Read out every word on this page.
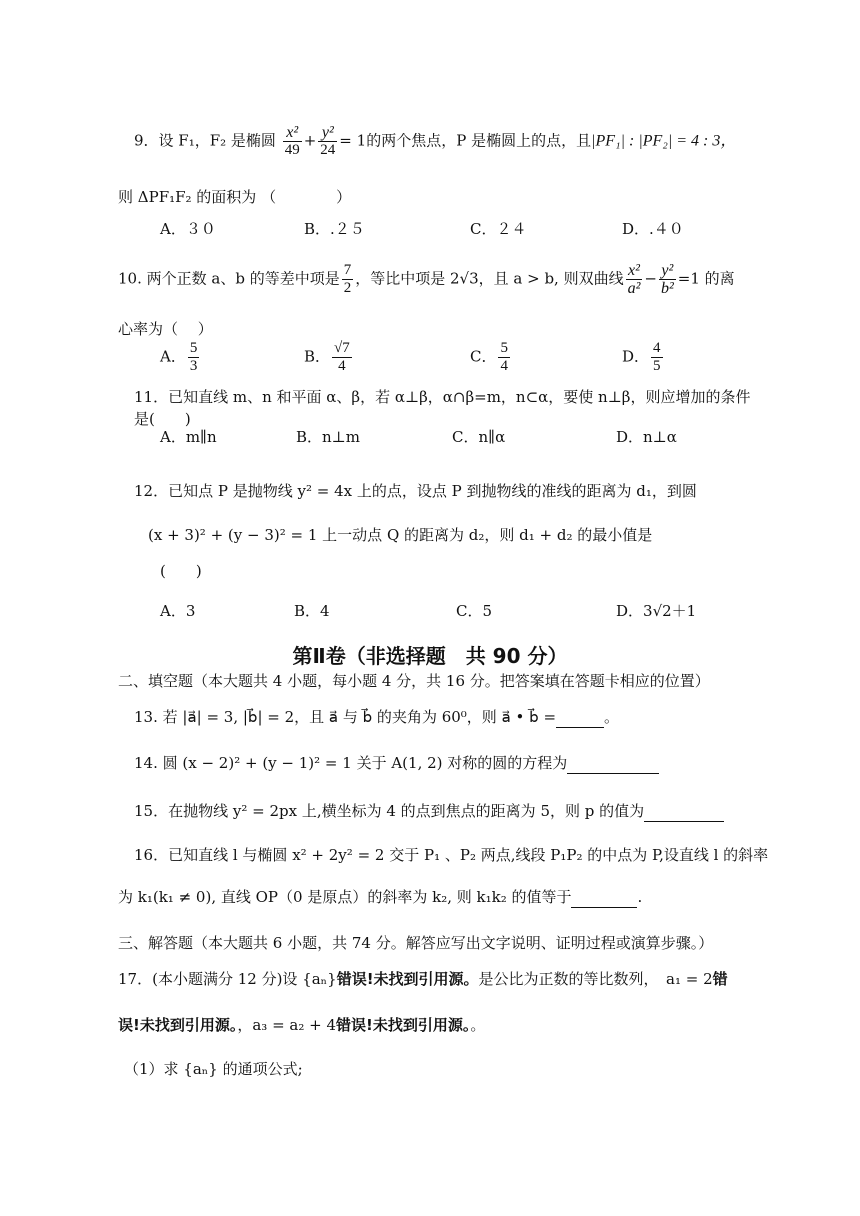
9．设 F₁，F₂ 是椭圆 $\frac{\text{x²}}{49} + \frac{\text{y²}}{24} = 1$的两个焦点，P 是椭圆上的点，且|PF₁| : |PF₂| = 4 : 3，
则 ΔPF₁F₂ 的面积为 （　　　　）
A．３０	B．.２５	C．２４	D．.４０
10. 两个正数 a、b 的等差中项是 $\frac{7}{2}$ ，等比中项是 2√3，且 a > b, 则双曲线 $\frac{\text{x²}}{\text{a²}} - \frac{\text{y²}}{\text{b²}} =1$ 的离
心率为（　 ）
A． $\frac{5}{3}$	B． $\frac{√7}{4}$	C． $\frac{5}{4}$	D． $\frac{4}{5}$
11．已知直线 m、n 和平面 α、β，若 α⊥β，α∩β=m，n⊂α，要使 n⊥β，则应增加的条件
是(　　)
A．m∥n	B．n⊥m	C．n∥α	D．n⊥α
12．已知点 P 是抛物线 y² = 4x 上的点，设点 P 到抛物线的准线的距离为 d₁，到圆
(x + 3)² + (y − 3)² = 1 上一动点 Q 的距离为 d₂，则 d₁ + d₂ 的最小值是
(　　)
A．3	B．4	C．5	D．3√2＋1
第Ⅱ卷（非选择题　共 90 分）
二、填空题（本大题共 4 小题，每小题 4 分，共 16 分。把答案填在答题卡相应的位置）
13. 若 |a⃗| = 3, |b⃗| = 2，且 a⃗ 与 b⃗ 的夹角为 60⁰，则 a⃗ • b⃗ =	。
14. 圆 (x − 2)² + (y − 1)² = 1 关于 A(1, 2) 对称的圆的方程为
15．在抛物线 y² = 2px 上,横坐标为 4 的点到焦点的距离为 5，则 p 的值为
16．已知直线 l 与椭圆 x² + 2y² = 2 交于 P₁ 、P₂ 两点,线段 P₁P₂ 的中点为 P,设直线 l 的斜率
为 k₁(k₁ ≠ 0), 直线 OP（0 是原点）的斜率为 k₂, 则 k₁k₂ 的值等于	.
三、解答题（本大题共 6 小题，共 74 分。解答应写出文字说明、证明过程或演算步骤。）
17．(本小题满分 12 分)设 {aₙ}错误!未找到引用源。是公比为正数的等比数列，　a₁ = 2错
误!未找到引用源。，a₃ = a₂ + 4错误!未找到引用源。。
（1）求 {aₙ} 的通项公式;
